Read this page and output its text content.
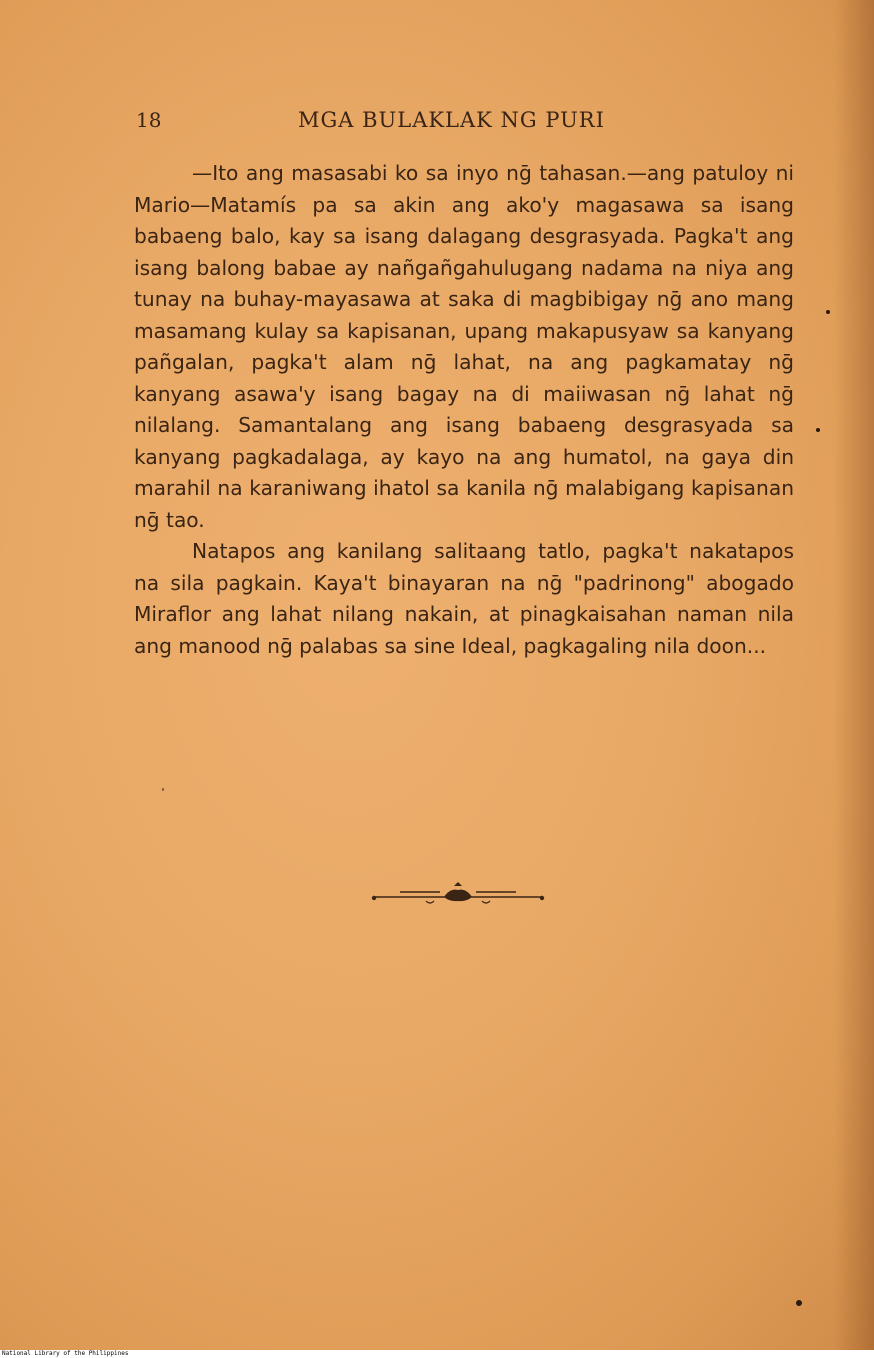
18	MGA BULAKLAK NG PURI

—Ito ang masasabi ko sa inyo nḡ tahasan.—ang patuloy ni Mario—Matamís pa sa akin ang ako'y magasawa sa isang babaeng balo, kay sa isang dalagang desgrasyada. Pagka't ang isang balong babae ay nañgañgahulugang nadama na niya ang tunay na buhay-mayasawa at saka di magbibigay nḡ ano mang masamang kulay sa kapisanan, upang makapusyaw sa kanyang pañgalan, pagka't alam nḡ lahat, na ang pagkamatay nḡ kanyang asawa'y isang bagay na di maiiwasan nḡ lahat nḡ nilalang. Samantalang ang isang babaeng desgrasyada sa kanyang pagkadalaga, ay kayo na ang humatol, na gaya din marahil na karaniwang ihatol sa kanila nḡ malabigang kapisanan nḡ tao.

Natapos ang kanilang salitaang tatlo, pagka't nakatapos na sila pagkain. Kaya't binayaran na nḡ "padrinong" abogado Miraflor ang lahat nilang nakain, at pinagkaisahan naman nila ang manood nḡ palabas sa sine Ideal, pagkagaling nila doon...

National Library of the Philippines
